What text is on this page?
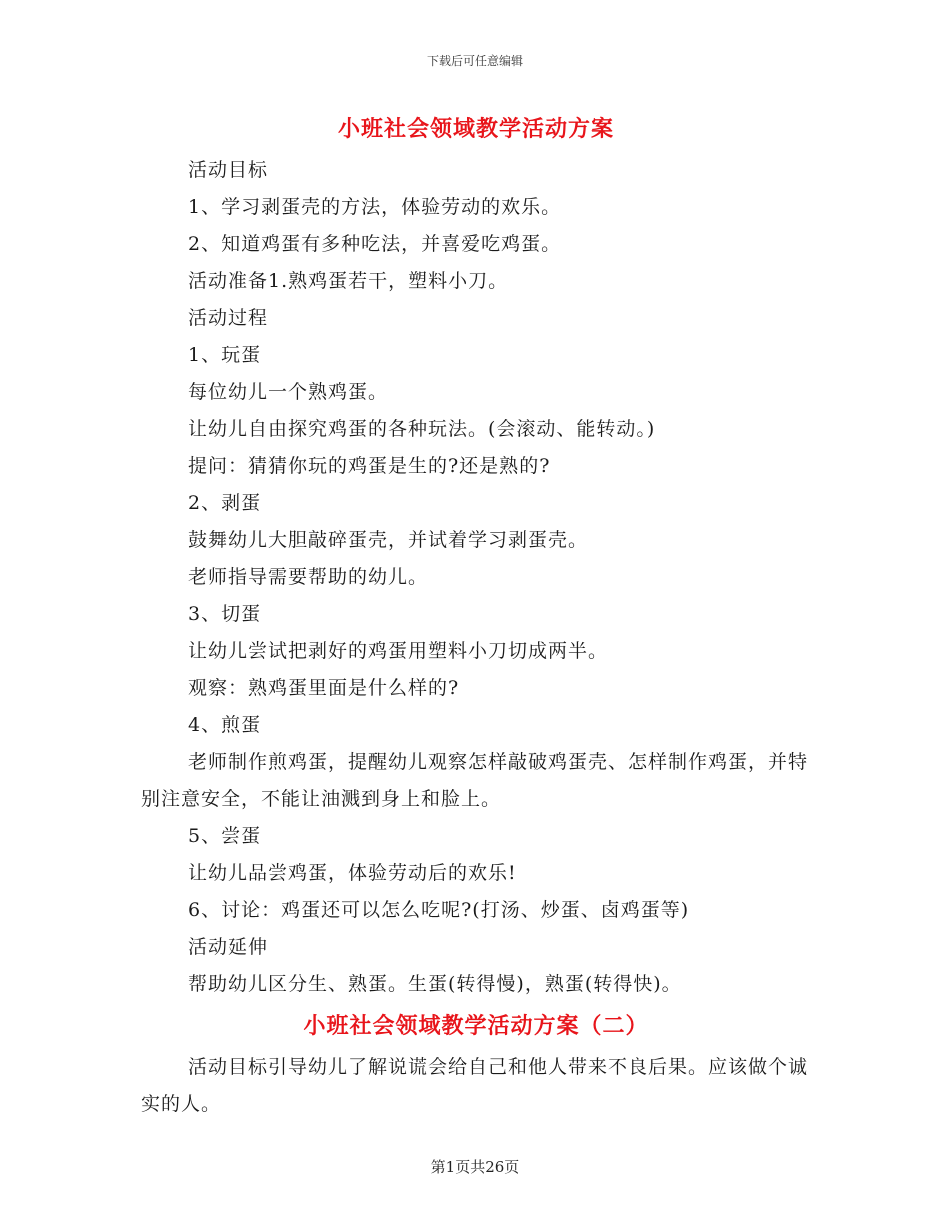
下载后可任意编辑
小班社会领域教学活动方案

活动目标

1、学习剥蛋壳的方法，体验劳动的欢乐。

2、知道鸡蛋有多种吃法，并喜爱吃鸡蛋。

活动准备1.熟鸡蛋若干，塑料小刀。

活动过程

1、玩蛋

每位幼儿一个熟鸡蛋。

让幼儿自由探究鸡蛋的各种玩法。(会滚动、能转动。)

提问：猜猜你玩的鸡蛋是生的?还是熟的?

2、剥蛋

鼓舞幼儿大胆敲碎蛋壳，并试着学习剥蛋壳。

老师指导需要帮助的幼儿。

3、切蛋

让幼儿尝试把剥好的鸡蛋用塑料小刀切成两半。

观察：熟鸡蛋里面是什么样的?

4、煎蛋

老师制作煎鸡蛋，提醒幼儿观察怎样敲破鸡蛋壳、怎样制作鸡蛋，并特别注意安全，不能让油溅到身上和脸上。

5、尝蛋

让幼儿品尝鸡蛋，体验劳动后的欢乐!

6、讨论：鸡蛋还可以怎么吃呢?(打汤、炒蛋、卤鸡蛋等)

活动延伸

帮助幼儿区分生、熟蛋。生蛋(转得慢)，熟蛋(转得快)。

小班社会领域教学活动方案（二）

活动目标引导幼儿了解说谎会给自己和他人带来不良后果。应该做个诚实的人。

第1页共26页
